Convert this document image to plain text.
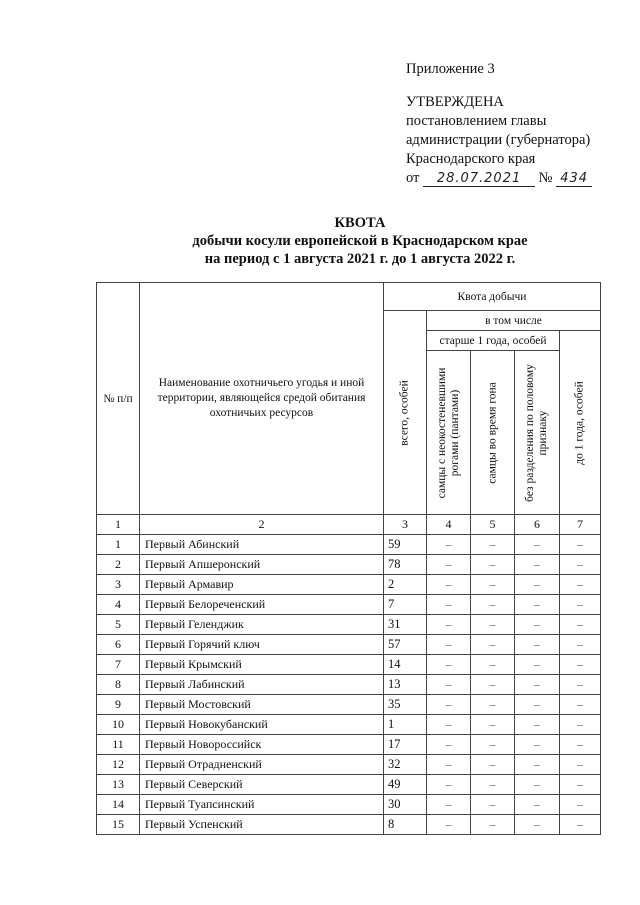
Приложение 3
УТВЕРЖДЕНА
постановлением главы
администрации (губернатора)
Краснодарского края
от 28.07.2021 № 434
КВОТА
добычи косули европейской в Краснодарском крае
на период с 1 августа 2021 г. до 1 августа 2022 г.
№ п/п	Наименование охотничьего угодья и иной территории, являющейся средой обитания охотничьих ресурсов	Квота добычи				

		всего, особей	в том числе			
			старше 1 года, особей			до 1 года, особей

			самцы с неокостеневшими рогами (пантами)	самцы во время гона	без разделения по половому признаку	

1	2	3	4	5	6	7
1	Первый Абинский	59	–	–	–	–
2	Первый Апшеронский	78	–	–	–	–
3	Первый Армавир	2	–	–	–	–
4	Первый Белореченский	7	–	–	–	–
5	Первый Геленджик	31	–	–	–	–
6	Первый Горячий ключ	57	–	–	–	–
7	Первый Крымский	14	–	–	–	–
8	Первый Лабинский	13	–	–	–	–
9	Первый Мостовский	35	–	–	–	–
10	Первый Новокубанский	1	–	–	–	–
11	Первый Новороссийск	17	–	–	–	–
12	Первый Отрадненский	32	–	–	–	–
13	Первый Северский	49	–	–	–	–
14	Первый Туапсинский	30	–	–	–	–
15	Первый Успенский	8	–	–	–	–
